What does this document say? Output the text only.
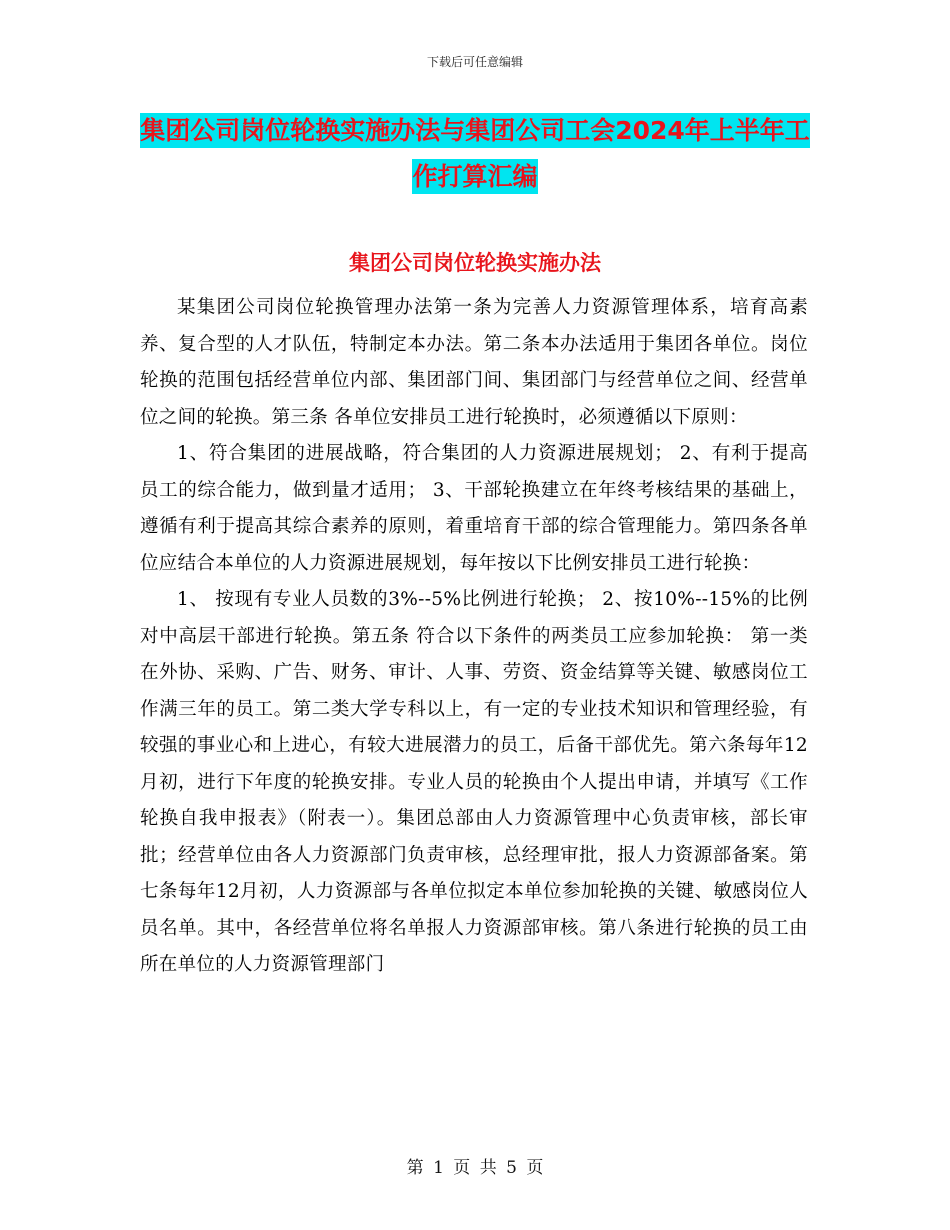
下载后可任意编辑
集团公司岗位轮换实施办法与集团公司工会2024年上半年工作打算汇编
集团公司岗位轮换实施办法

某集团公司岗位轮换管理办法第一条为完善人力资源管理体系，培育高素养、复合型的人才队伍，特制定本办法。第二条本办法适用于集团各单位。岗位轮换的范围包括经营单位内部、集团部门间、集团部门与经营单位之间、经营单位之间的轮换。第三条 各单位安排员工进行轮换时，必须遵循以下原则：

1、符合集团的进展战略，符合集团的人力资源进展规划； 2、有利于提高员工的综合能力，做到量才适用； 3、干部轮换建立在年终考核结果的基础上，遵循有利于提高其综合素养的原则，着重培育干部的综合管理能力。第四条各单位应结合本单位的人力资源进展规划，每年按以下比例安排员工进行轮换：

1、 按现有专业人员数的3%--5%比例进行轮换； 2、按10%--15%的比例对中高层干部进行轮换。第五条 符合以下条件的两类员工应参加轮换： 第一类在外协、采购、广告、财务、审计、人事、劳资、资金结算等关键、敏感岗位工作满三年的员工。第二类大学专科以上，有一定的专业技术知识和管理经验，有较强的事业心和上进心，有较大进展潜力的员工，后备干部优先。第六条每年12月初，进行下年度的轮换安排。专业人员的轮换由个人提出申请，并填写《工作轮换自我申报表》（附表一）。集团总部由人力资源管理中心负责审核，部长审批；经营单位由各人力资源部门负责审核，总经理审批，报人力资源部备案。第七条每年12月初，人力资源部与各单位拟定本单位参加轮换的关键、敏感岗位人员名单。其中，各经营单位将名单报人力资源部审核。第八条进行轮换的员工由所在单位的人力资源管理部门

第 1 页 共 5 页
